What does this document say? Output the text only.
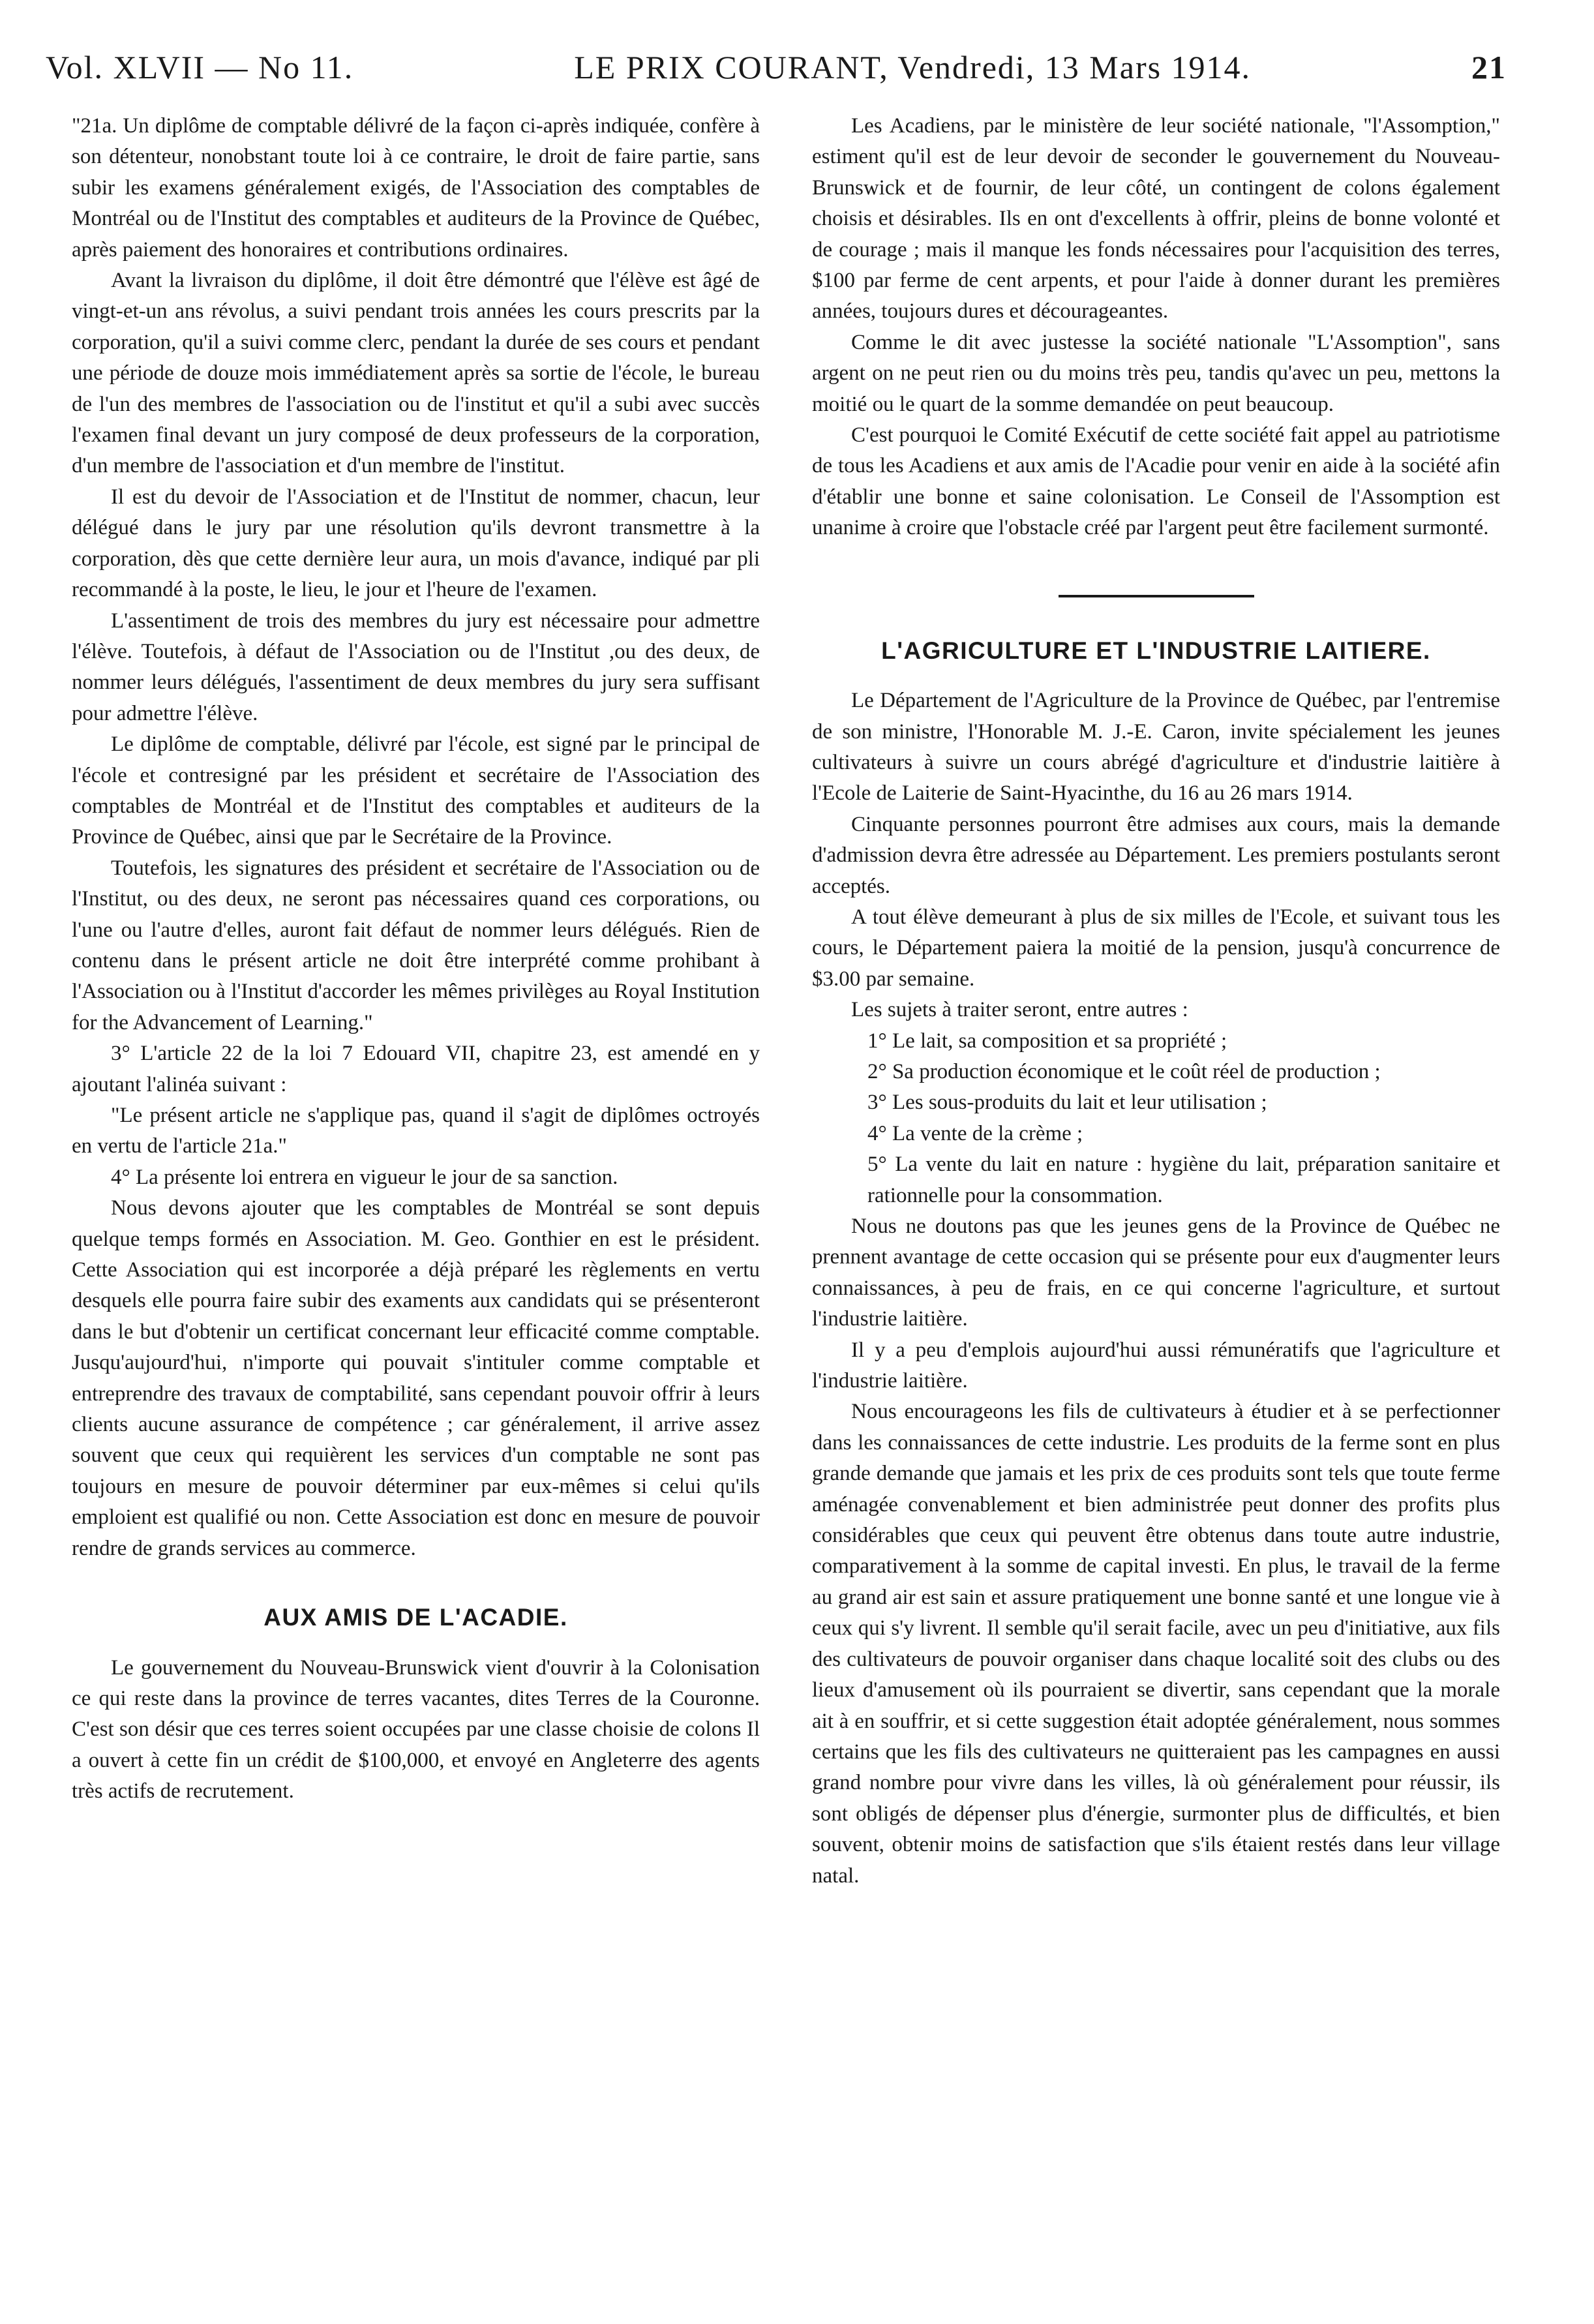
Vol. XLVII — No 11.	LE PRIX COURANT, Vendredi, 13 Mars 1914.	21

"21a. Un diplôme de comptable délivré de la façon ci-après indiquée, confère à son détenteur, nonobstant toute loi à ce contraire, le droit de faire partie, sans subir les examens généralement exigés, de l'Association des comptables de Montréal ou de l'Institut des comptables et auditeurs de la Province de Québec, après paiement des honoraires et contributions ordinaires.

Avant la livraison du diplôme, il doit être démontré que l'élève est âgé de vingt-et-un ans révolus, a suivi pendant trois années les cours prescrits par la corporation, qu'il a suivi comme clerc, pendant la durée de ses cours et pendant une période de douze mois immédiatement après sa sortie de l'école, le bureau de l'un des membres de l'association ou de l'institut et qu'il a subi avec succès l'examen final devant un jury composé de deux professeurs de la corporation, d'un membre de l'association et d'un membre de l'institut.

Il est du devoir de l'Association et de l'Institut de nommer, chacun, leur délégué dans le jury par une résolution qu'ils devront transmettre à la corporation, dès que cette dernière leur aura, un mois d'avance, indiqué par pli recommandé à la poste, le lieu, le jour et l'heure de l'examen.

L'assentiment de trois des membres du jury est nécessaire pour admettre l'élève. Toutefois, à défaut de l'Association ou de l'Institut ,ou des deux, de nommer leurs délégués, l'assentiment de deux membres du jury sera suffisant pour admettre l'élève.

Le diplôme de comptable, délivré par l'école, est signé par le principal de l'école et contresigné par les président et secrétaire de l'Association des comptables de Montréal et de l'Institut des comptables et auditeurs de la Province de Québec, ainsi que par le Secrétaire de la Province.

Toutefois, les signatures des président et secrétaire de l'Association ou de l'Institut, ou des deux, ne seront pas nécessaires quand ces corporations, ou l'une ou l'autre d'elles, auront fait défaut de nommer leurs délégués. Rien de contenu dans le présent article ne doit être interprété comme prohibant à l'Association ou à l'Institut d'accorder les mêmes privilèges au Royal Institution for the Advancement of Learning."

3° L'article 22 de la loi 7 Edouard VII, chapitre 23, est amendé en y ajoutant l'alinéa suivant :

"Le présent article ne s'applique pas, quand il s'agit de diplômes octroyés en vertu de l'article 21a."

4° La présente loi entrera en vigueur le jour de sa sanction.

Nous devons ajouter que les comptables de Montréal se sont depuis quelque temps formés en Association. M. Geo. Gonthier en est le président. Cette Association qui est incorporée a déjà préparé les règlements en vertu desquels elle pourra faire subir des examents aux candidats qui se présenteront dans le but d'obtenir un certificat concernant leur efficacité comme comptable. Jusqu'aujourd'hui, n'importe qui pouvait s'intituler comme comptable et entreprendre des travaux de comptabilité, sans cependant pouvoir offrir à leurs clients aucune assurance de compétence ; car généralement, il arrive assez souvent que ceux qui requièrent les services d'un comptable ne sont pas toujours en mesure de pouvoir déterminer par eux-mêmes si celui qu'ils emploient est qualifié ou non. Cette Association est donc en mesure de pouvoir rendre de grands services au commerce.

AUX AMIS DE L'ACADIE.

Le gouvernement du Nouveau-Brunswick vient d'ouvrir à la Colonisation ce qui reste dans la province de terres vacantes, dites Terres de la Couronne. C'est son désir que ces terres soient occupées par une classe choisie de colons Il a ouvert à cette fin un crédit de $100,000, et envoyé en Angleterre des agents très actifs de recrutement.

Les Acadiens, par le ministère de leur société nationale, "l'Assomption," estiment qu'il est de leur devoir de seconder le gouvernement du Nouveau-Brunswick et de fournir, de leur côté, un contingent de colons également choisis et désirables. Ils en ont d'excellents à offrir, pleins de bonne volonté et de courage ; mais il manque les fonds nécessaires pour l'acquisition des terres, $100 par ferme de cent arpents, et pour l'aide à donner durant les premières années, toujours dures et décourageantes.

Comme le dit avec justesse la société nationale "L'Assomption", sans argent on ne peut rien ou du moins très peu, tandis qu'avec un peu, mettons la moitié ou le quart de la somme demandée on peut beaucoup.

C'est pourquoi le Comité Exécutif de cette société fait appel au patriotisme de tous les Acadiens et aux amis de l'Acadie pour venir en aide à la société afin d'établir une bonne et saine colonisation. Le Conseil de l'Assomption est unanime à croire que l'obstacle créé par l'argent peut être facilement surmonté.

L'AGRICULTURE ET L'INDUSTRIE LAITIERE.

Le Département de l'Agriculture de la Province de Québec, par l'entremise de son ministre, l'Honorable M. J.-E. Caron, invite spécialement les jeunes cultivateurs à suivre un cours abrégé d'agriculture et d'industrie laitière à l'Ecole de Laiterie de Saint-Hyacinthe, du 16 au 26 mars 1914.

Cinquante personnes pourront être admises aux cours, mais la demande d'admission devra être adressée au Département. Les premiers postulants seront acceptés.

A tout élève demeurant à plus de six milles de l'Ecole, et suivant tous les cours, le Département paiera la moitié de la pension, jusqu'à concurrence de $3.00 par semaine.

Les sujets à traiter seront, entre autres :

1° Le lait, sa composition et sa propriété ;

2° Sa production économique et le coût réel de production ;

3° Les sous-produits du lait et leur utilisation ;

4° La vente de la crème ;

5° La vente du lait en nature : hygiène du lait, préparation sanitaire et rationnelle pour la consommation.

Nous ne doutons pas que les jeunes gens de la Province de Québec ne prennent avantage de cette occasion qui se présente pour eux d'augmenter leurs connaissances, à peu de frais, en ce qui concerne l'agriculture, et surtout l'industrie laitière.

Il y a peu d'emplois aujourd'hui aussi rémunératifs que l'agriculture et l'industrie laitière.

Nous encourageons les fils de cultivateurs à étudier et à se perfectionner dans les connaissances de cette industrie. Les produits de la ferme sont en plus grande demande que jamais et les prix de ces produits sont tels que toute ferme aménagée convenablement et bien administrée peut donner des profits plus considérables que ceux qui peuvent être obtenus dans toute autre industrie, comparativement à la somme de capital investi. En plus, le travail de la ferme au grand air est sain et assure pratiquement une bonne santé et une longue vie à ceux qui s'y livrent. Il semble qu'il serait facile, avec un peu d'initiative, aux fils des cultivateurs de pouvoir organiser dans chaque localité soit des clubs ou des lieux d'amusement où ils pourraient se divertir, sans cependant que la morale ait à en souffrir, et si cette suggestion était adoptée généralement, nous sommes certains que les fils des cultivateurs ne quitteraient pas les campagnes en aussi grand nombre pour vivre dans les villes, là où généralement pour réussir, ils sont obligés de dépenser plus d'énergie, surmonter plus de difficultés, et bien souvent, obtenir moins de satisfaction que s'ils étaient restés dans leur village natal.
